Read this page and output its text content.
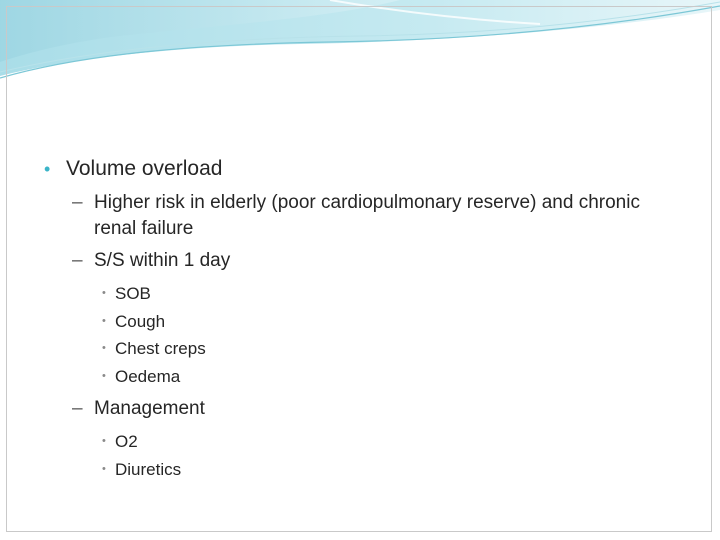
• Volume overload
– Higher risk in elderly (poor cardiopulmonary reserve) and chronic renal failure
– S/S within 1 day
• SOB
• Cough
• Chest creps
• Oedema
– Management
• O2
• Diuretics
